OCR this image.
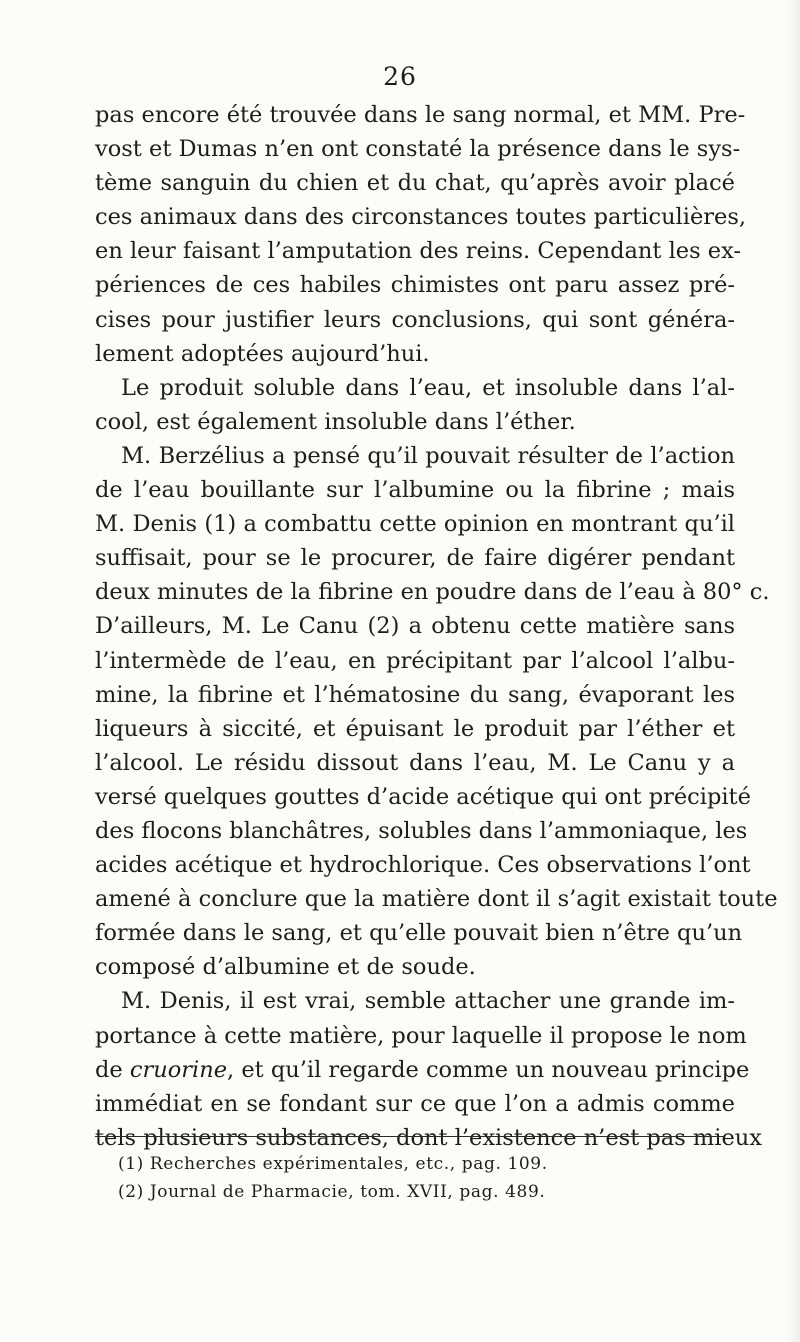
26
pas encore été trouvée dans le sang normal, et MM. Pre-
vost et Dumas n’en ont constaté la présence dans le sys-
tème sanguin du chien et du chat, qu’après avoir placé
ces animaux dans des circonstances toutes particulières,
en leur faisant l’amputation des reins. Cependant les ex-
périences de ces habiles chimistes ont paru assez pré-
cises pour justifier leurs conclusions, qui sont généra-
lement adoptées aujourd’hui.
Le produit soluble dans l’eau, et insoluble dans l’al-
cool, est également insoluble dans l’éther.
M. Berzélius a pensé qu’il pouvait résulter de l’action
de l’eau bouillante sur l’albumine ou la fibrine ; mais
M. Denis (1) a combattu cette opinion en montrant qu’il
suffisait, pour se le procurer, de faire digérer pendant
deux minutes de la fibrine en poudre dans de l’eau à 80° c.
D’ailleurs, M. Le Canu (2) a obtenu cette matière sans
l’intermède de l’eau, en précipitant par l’alcool l’albu-
mine, la fibrine et l’hématosine du sang, évaporant les
liqueurs à siccité, et épuisant le produit par l’éther et
l’alcool. Le résidu dissout dans l’eau, M. Le Canu y a
versé quelques gouttes d’acide acétique qui ont précipité
des flocons blanchâtres, solubles dans l’ammoniaque, les
acides acétique et hydrochlorique. Ces observations l’ont
amené à conclure que la matière dont il s’agit existait toute
formée dans le sang, et qu’elle pouvait bien n’être qu’un
composé d’albumine et de soude.
M. Denis, il est vrai, semble attacher une grande im-
portance à cette matière, pour laquelle il propose le nom
de cruorine, et qu’il regarde comme un nouveau principe
immédiat en se fondant sur ce que l’on a admis comme
tels plusieurs substances, dont l’existence n’est pas mieux
(1) Recherches expérimentales, etc., pag. 109.
(2) Journal de Pharmacie, tom. XVII, pag. 489.
